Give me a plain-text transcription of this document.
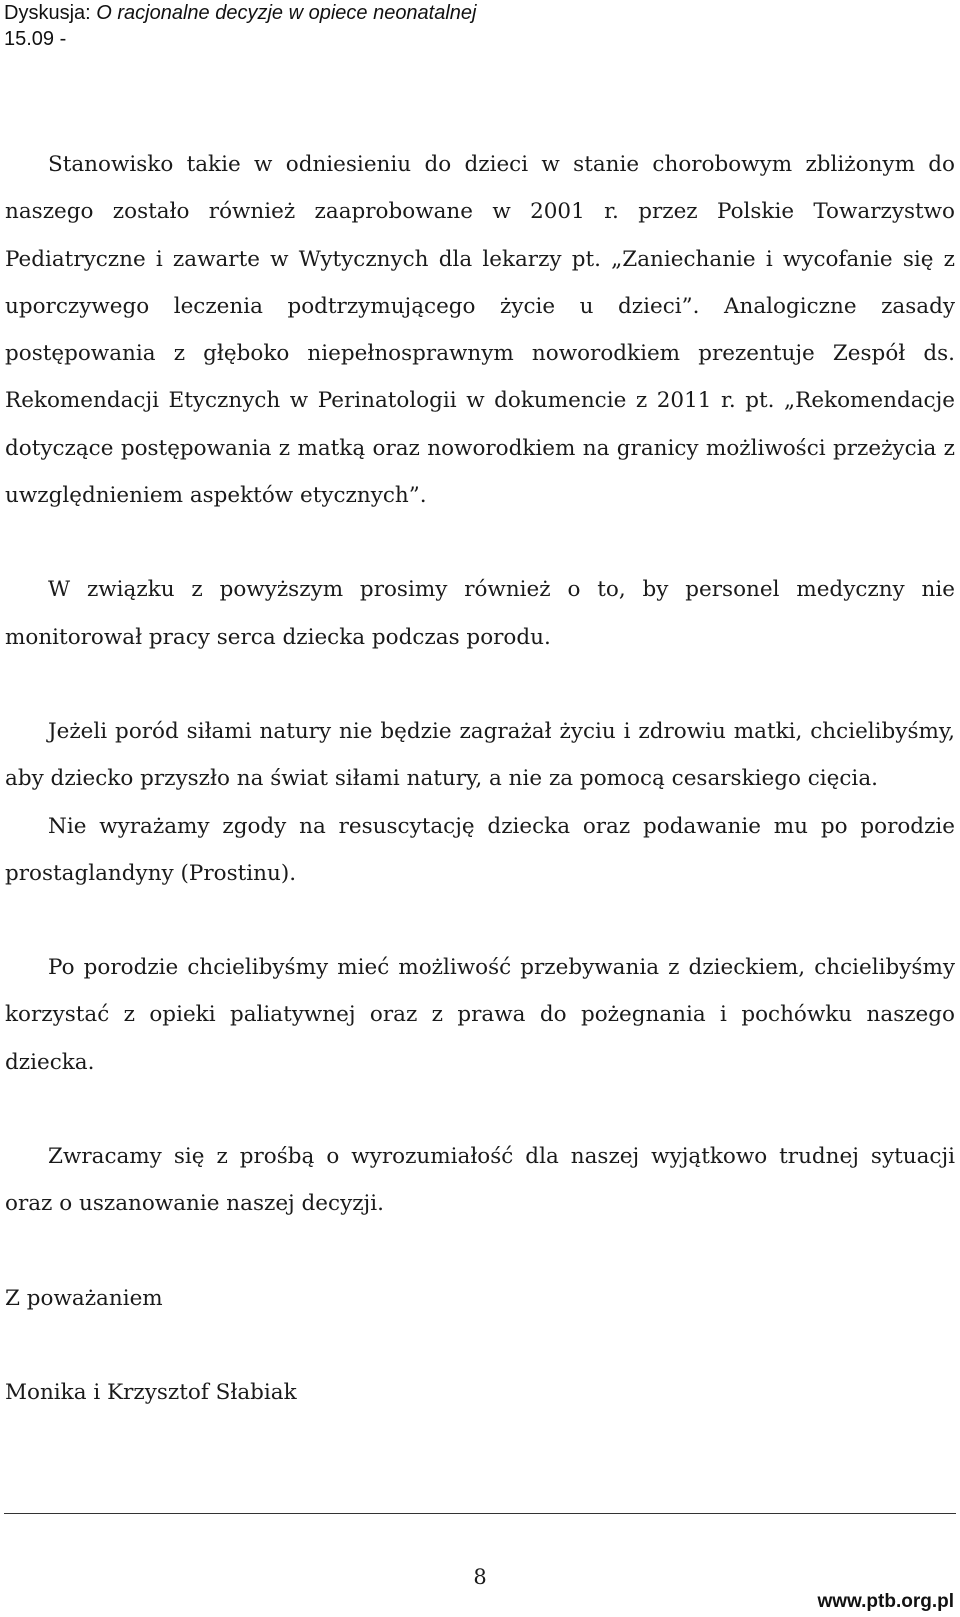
Dyskusja: O racjonalne decyzje w opiece neonatalnej
15.09 -

Stanowisko takie w odniesieniu do dzieci w stanie chorobowym zbliżonym do naszego zostało również zaaprobowane w 2001 r. przez Polskie Towarzystwo Pediatryczne i zawarte w Wytycznych dla lekarzy pt. „Zaniechanie i wycofanie się z uporczywego leczenia podtrzymującego życie u dzieci”. Analogiczne zasady postępowania z głęboko niepełnosprawnym noworodkiem prezentuje Zespół ds. Rekomendacji Etycznych w Perinatologii w dokumencie z 2011 r. pt. „Rekomendacje dotyczące postępowania z matką oraz noworodkiem na granicy możliwości przeżycia z uwzględnieniem aspektów etycznych”.

W związku z powyższym prosimy również o to, by personel medyczny nie monitorował pracy serca dziecka podczas porodu.

Jeżeli poród siłami natury nie będzie zagrażał życiu i zdrowiu matki, chcielibyśmy, aby dziecko przyszło na świat siłami natury, a nie za pomocą cesarskiego cięcia.

Nie wyrażamy zgody na resuscytację dziecka oraz podawanie mu po porodzie prostaglandyny (Prostinu).

Po porodzie chcielibyśmy mieć możliwość przebywania z dzieckiem, chcielibyśmy korzystać z opieki paliatywnej oraz z prawa do pożegnania i pochówku naszego dziecka.

Zwracamy się z prośbą o wyrozumiałość dla naszej wyjątkowo trudnej sytuacji oraz o uszanowanie naszej decyzji.

Z poważaniem

Monika i Krzysztof Słabiak

8
www.ptb.org.pl
